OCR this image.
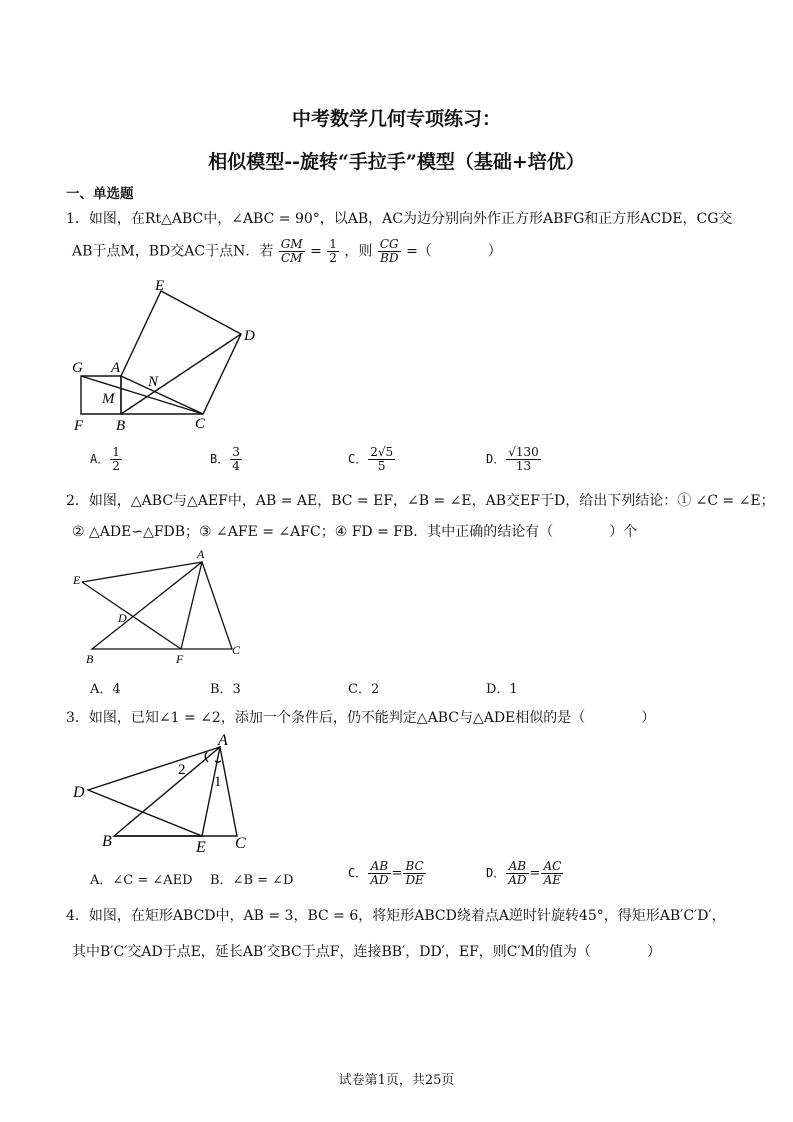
中考数学几何专项练习：
相似模型--旋转“手拉手”模型（基础+培优）
一、单选题
1．如图，在Rt△ABC中，∠ABC = 90°，以AB，AC为边分别向外作正方形ABFG和正方形ACDE，CG交
AB于点M，BD交AC于点N．若 $\frac{GM}{CM} = \frac{1}{2}$ ，则 $\frac{CG}{BD}$ =（　　　　）
E
D
G A
N
M
F B	C
A． $\frac{1}{2}$	B． $\frac{3}{4}$	C． $\frac{2√5}{5}$	D． $\frac{√130}{13}$
2．如图，△ABC与△AEF中，AB = AE，BC = EF，∠B = ∠E，AB交EF于D，给出下列结论：① ∠C = ∠E；
② △ADE∽△FDB；③ ∠AFE = ∠AFC；④ FD = FB．其中正确的结论有（　　　　）个
A
E
D
B	F
C
A．4	B．3	C．2	D．1
3．如图，已知∠1 = ∠2，添加一个条件后，仍不能判定△ABC与△ADE相似的是（　　　　）
A
D
B	E C
1
2
A．∠C = ∠AED B．∠B = ∠D	C． $\frac{AB}{AD} = \frac{BC}{DE}$	D． $\frac{AB}{AD} = \frac{AC}{AE}$
4．如图，在矩形ABCD中，AB = 3，BC = 6，将矩形ABCD绕着点A逆时针旋转45°，得矩形AB′C′D′，
其中B′C′交AD于点E，延长AB′交BC于点F，连接BB′，DD′，EF，则C′M的值为（　　　　）
试卷第1页，共25页
